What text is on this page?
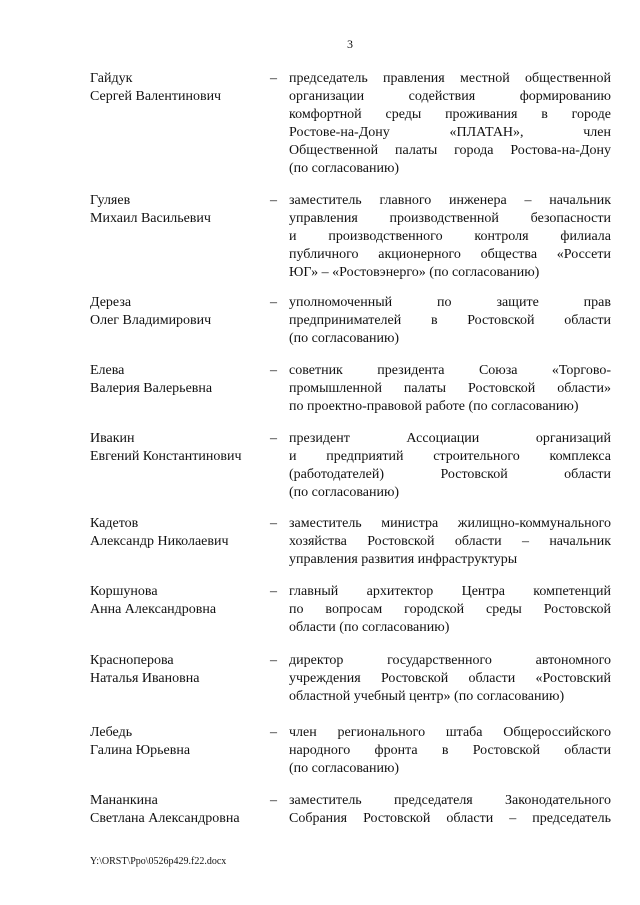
3
Гайдук
Сергей Валентинович
– председатель правления местной общественной
организации содействия формированию
комфортной среды проживания в городе
Ростове-на-Дону «ПЛАТАН», член
Общественной палаты города Ростова-на-Дону
(по согласованию)
Гуляев
Михаил Васильевич
– заместитель главного инженера – начальник
управления производственной безопасности
и производственного контроля филиала
публичного акционерного общества «Россети
ЮГ» – «Ростовэнерго» (по согласованию)
Дереза
Олег Владимирович
– уполномоченный по защите прав
предпринимателей в Ростовской области
(по согласованию)
Елева
Валерия Валерьевна
– советник президента Союза «Торгово-
промышленной палаты Ростовской области»
по проектно-правовой работе (по согласованию)
Ивакин
Евгений Константинович
– президент Ассоциации организаций
и предприятий строительного комплекса
(работодателей) Ростовской области
(по согласованию)
Кадетов
Александр Николаевич
– заместитель министра жилищно-коммунального
хозяйства Ростовской области – начальник
управления развития инфраструктуры
Коршунова
Анна Александровна
– главный архитектор Центра компетенций
по вопросам городской среды Ростовской
области (по согласованию)
Красноперова
Наталья Ивановна
– директор государственного автономного
учреждения Ростовской области «Ростовский
областной учебный центр» (по согласованию)
Лебедь
Галина Юрьевна
– член регионального штаба Общероссийского
народного фронта в Ростовской области
(по согласованию)
Мананкина
Светлана Александровна
– заместитель председателя Законодательного
Собрания Ростовской области – председатель
Y:\ORST\Ppo\0526p429.f22.docx
